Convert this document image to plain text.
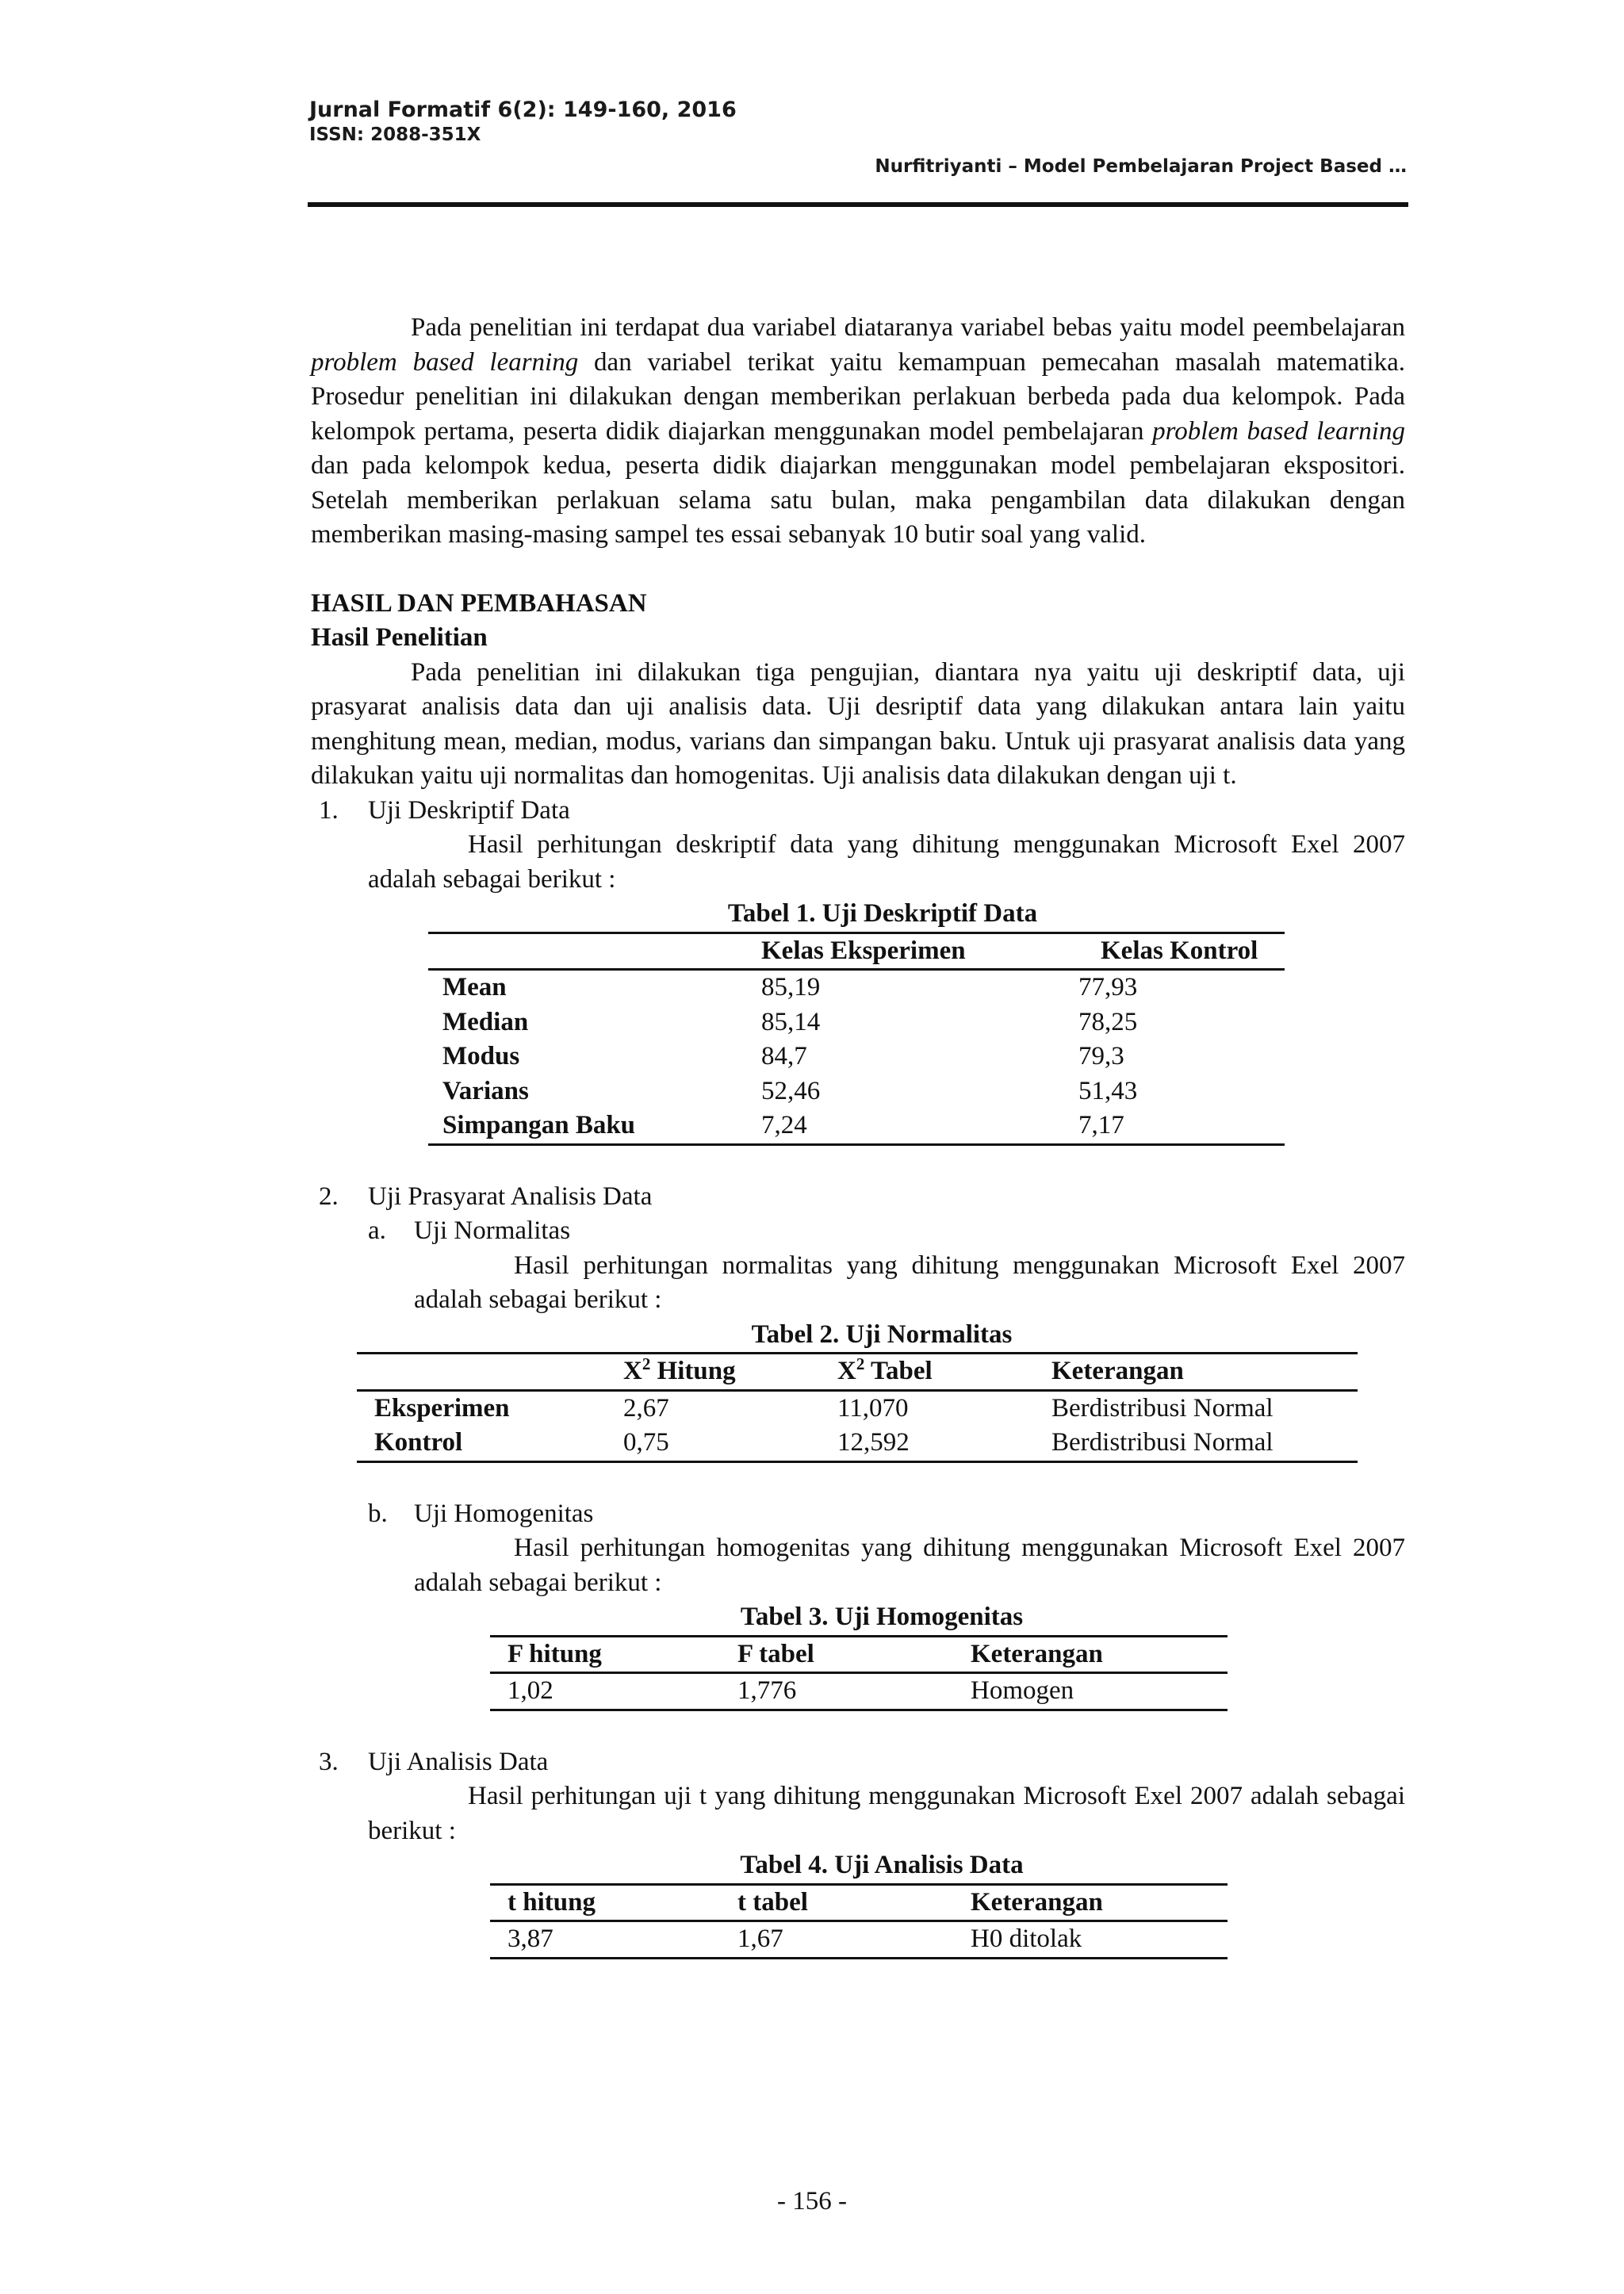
Jurnal Formatif 6(2): 149-160, 2016
ISSN: 2088-351X
Nurfitriyanti – Model Pembelajaran Project Based …

Pada penelitian ini terdapat dua variabel diataranya variabel bebas yaitu model peembelajaran problem based learning dan variabel terikat yaitu kemampuan pemecahan masalah matematika. Prosedur penelitian ini dilakukan dengan memberikan perlakuan berbeda pada dua kelompok. Pada kelompok pertama, peserta didik diajarkan menggunakan model pembelajaran problem based learning dan pada kelompok kedua, peserta didik diajarkan menggunakan model pembelajaran ekspositori. Setelah memberikan perlakuan selama satu bulan, maka pengambilan data dilakukan dengan memberikan masing-masing sampel tes essai sebanyak 10 butir soal yang valid.

HASIL DAN PEMBAHASAN

Hasil Penelitian

Pada penelitian ini dilakukan tiga pengujian, diantara nya yaitu uji deskriptif data, uji prasyarat analisis data dan uji analisis data. Uji desriptif data yang dilakukan antara lain yaitu menghitung mean, median, modus, varians dan simpangan baku. Untuk uji prasyarat analisis data yang dilakukan yaitu uji normalitas dan homogenitas. Uji analisis data dilakukan dengan uji t.

1.	Uji Deskriptif Data

Hasil perhitungan deskriptif data yang dihitung menggunakan Microsoft Exel 2007 adalah sebagai berikut :

Tabel 1. Uji Deskriptif Data
	Kelas Eksperimen	Kelas Kontrol
Mean	85,19	77,93
Median	85,14	78,25
Modus	84,7	79,3
Varians	52,46	51,43
Simpangan Baku	7,24	7,17
2.	Uji Prasyarat Analisis Data
a.	Uji Normalitas

Hasil perhitungan normalitas yang dihitung menggunakan Microsoft Exel 2007 adalah sebagai berikut :

Tabel 2. Uji Normalitas
	$X^2$ Hitung	$X^2$ Tabel	Keterangan
Eksperimen	2,67	11,070	Berdistribusi Normal
Kontrol	0,75	12,592	Berdistribusi Normal
b.	Uji Homogenitas

Hasil perhitungan homogenitas yang dihitung menggunakan Microsoft Exel 2007 adalah sebagai berikut :

Tabel 3. Uji Homogenitas
F hitung	F tabel	Keterangan
1,02	1,776	Homogen
3.	Uji Analisis Data

Hasil perhitungan uji t yang dihitung menggunakan Microsoft Exel 2007 adalah sebagai berikut :

Tabel 4. Uji Analisis Data
t hitung	t tabel	Keterangan
3,87	1,67	H0 ditolak
- 156 -
